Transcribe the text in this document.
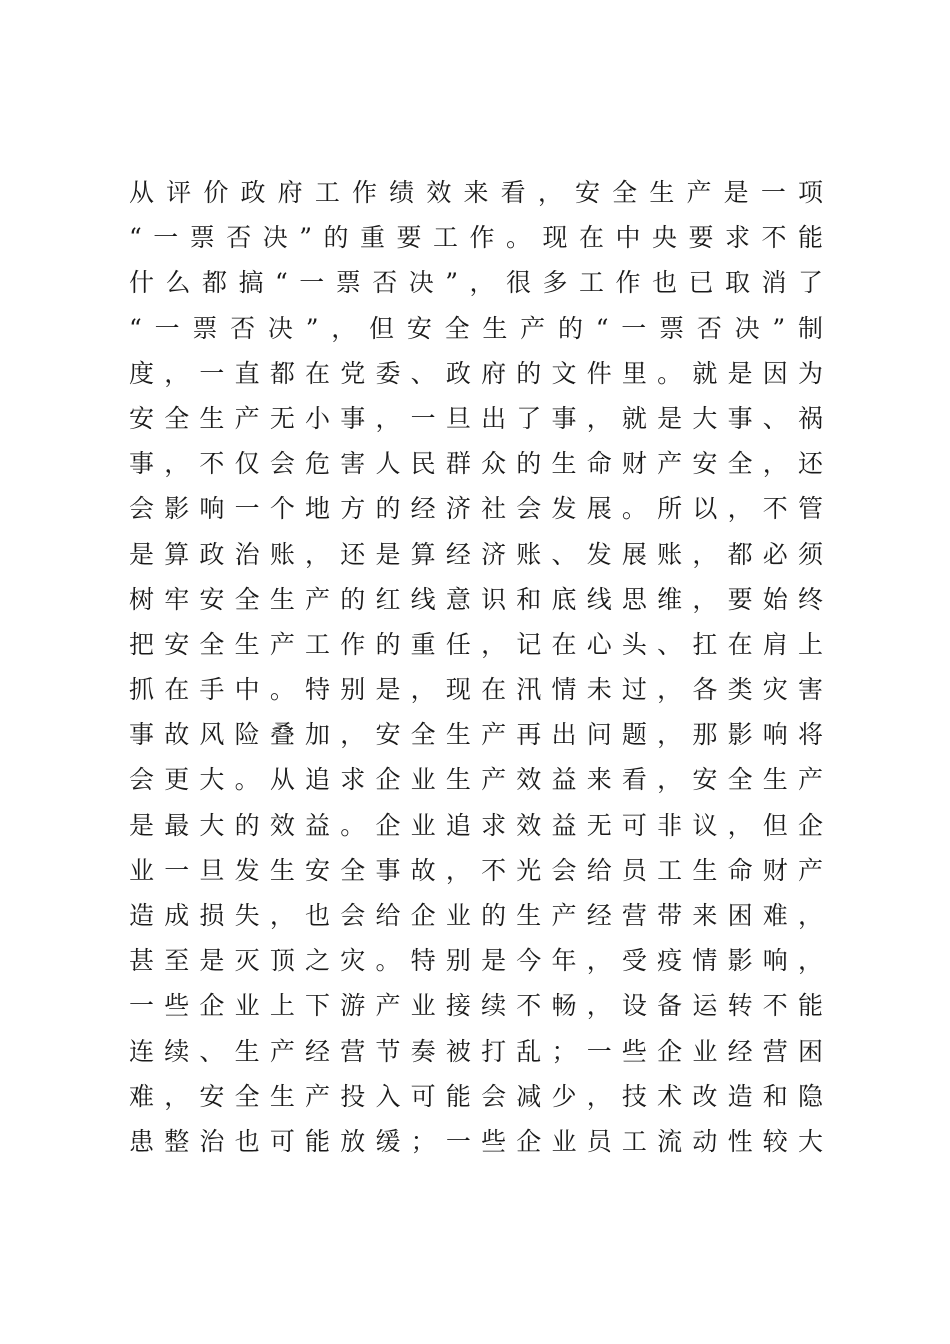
从评价政府工作绩效来看，安全生产是一项
“一票否决”的重要工作。现在中央要求不能
什么都搞“一票否决”，很多工作也已取消了
“一票否决”，但安全生产的“一票否决”制
度，一直都在党委、政府的文件里。就是因为
安全生产无小事，一旦出了事，就是大事、祸
事，不仅会危害人民群众的生命财产安全，还
会影响一个地方的经济社会发展。所以，不管
是算政治账，还是算经济账、发展账，都必须
树牢安全生产的红线意识和底线思维，要始终
把安全生产工作的重任，记在心头、扛在肩上
抓在手中。特别是，现在汛情未过，各类灾害
事故风险叠加，安全生产再出问题，那影响将
会更大。从追求企业生产效益来看，安全生产
是最大的效益。企业追求效益无可非议，但企
业一旦发生安全事故，不光会给员工生命财产
造成损失，也会给企业的生产经营带来困难，
甚至是灭顶之灾。特别是今年，受疫情影响，
一些企业上下游产业接续不畅，设备运转不能
连续、生产经营节奏被打乱；一些企业经营困
难，安全生产投入可能会减少，技术改造和隐
患整治也可能放缓；一些企业员工流动性较大
